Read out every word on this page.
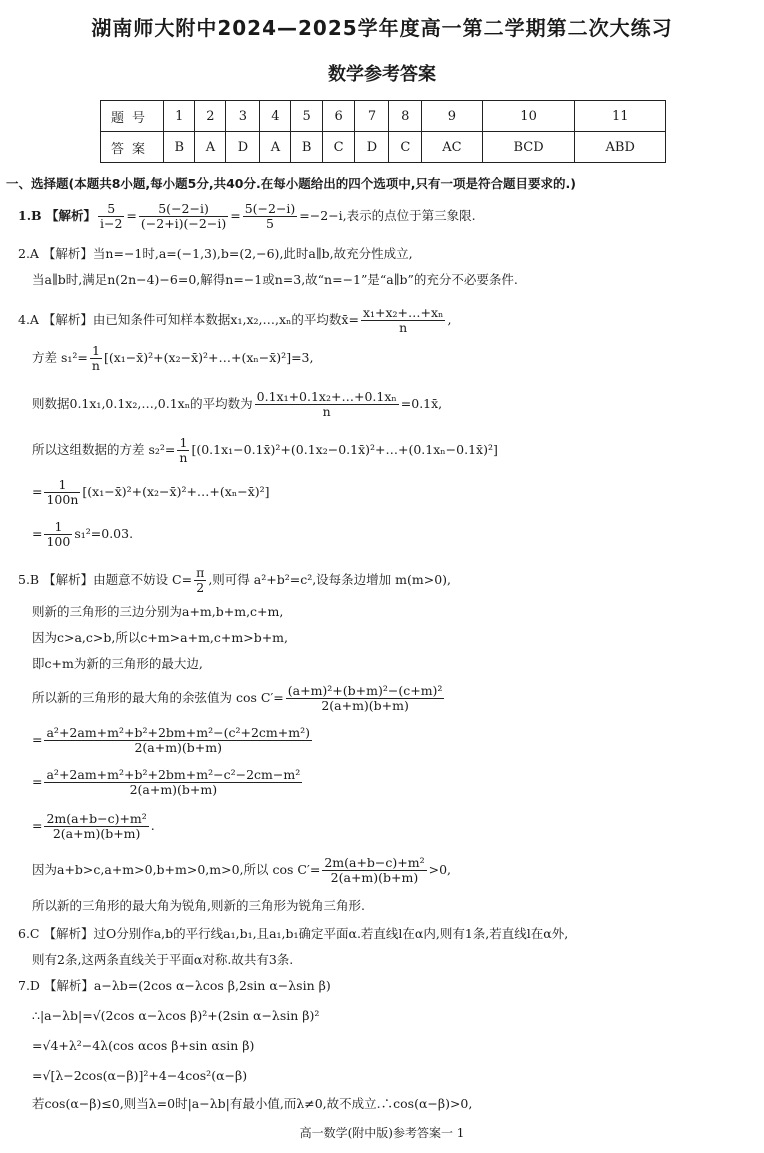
湖南师大附中2024—2025学年度高一第二学期第二次大练习
数学参考答案
题号	1	2	3	4	5	6	7	8	9	10	11
答案	B	A	D	A	B	C	D	C	AC	BCD	ABD
一、选择题(本题共8小题,每小题5分,共40分.在每小题给出的四个选项中,只有一项是符合题目要求的.)
1.B 【解析】 $\frac{5}{i-2} = \frac{5(-2-i)}{(-2+i)(-2-i)} = \frac{5(-2-i)}{5} =-2-i$,表示的点位于第三象限.
2.A 【解析】当n=−1时,a=(−1,3),b=(2,−6),此时a∥b,故充分性成立,
当a∥b时,满足n(2n−4)−6=0,解得n=−1或n=3,故“n=−1”是“a∥b”的充分不必要条件.
4.A 【解析】由已知条件可知样本数据x₁,x₂,…,xₙ的平均数x̄= $\frac{\text{x₁+x₂+…+xₙ}}{n}$ ,
方差 $s_1^2= \frac{1}{n}$ [(x₁−x̄)²+(x₂−x̄)²+…+(xₙ−x̄)²]=3,
则数据0.1x₁,0.1x₂,…,0.1xₙ的平均数为 $\frac{\text{0.1x₁+0.1x₂+…+0.1xₙ}}{n}$ =0.1x̄,
所以这组数据的方差 $s_2^2= \frac{1}{n}$ [(0.1x₁−0.1x̄)²+(0.1x₂−0.1x̄)²+…+(0.1xₙ−0.1x̄)²]
= $\frac{1}{100n}$ [(x₁−x̄)²+(x₂−x̄)²+…+(xₙ−x̄)²]
= $\frac{1}{100} s_1^2=0.03$.
5.B 【解析】由题意不妨设 $C= \frac{\pi}{2}$ ,则可得 a²+b²=c²,设每条边增加 m(m>0),
则新的三角形的三边分别为a+m,b+m,c+m,
因为c>a,c>b,所以c+m>a+m,c+m>b+m,
即c+m为新的三角形的最大边,
所以新的三角形的最大角的余弦值为 $\cos C'= \frac{\text{(a+m)²+(b+m)²−(c+m)²}}{2(a+m)(b+m)}$
= $\frac{\text{a²+2am+m²+b²+2bm+m²−(c²+2cm+m²)}}{2(a+m)(b+m)}$
= $\frac{\text{a²+2am+m²+b²+2bm+m²−c²−2cm−m²}}{2(a+m)(b+m)}$
= $\frac{\text{2m(a+b−c)+m²}}{2(a+m)(b+m)}$ .
因为a+b>c,a+m>0,b+m>0,m>0,所以 $\cos C'= \frac{\text{2m(a+b−c)+m²}}{2(a+m)(b+m)} >0$,
所以新的三角形的最大角为锐角,则新的三角形为锐角三角形.
6.C 【解析】过O分别作a,b的平行线a₁,b₁,且a₁,b₁确定平面α.若直线l在α内,则有1条,若直线l在α外,
则有2条,这两条直线关于平面α对称.故共有3条.
7.D 【解析】a−λb=(2cos α−λcos β,2sin α−λsin β)
∴|a−λb|=√(2cos α−λcos β)²+(2sin α−λsin β)²
=√4+λ²−4λ(cos αcos β+sin αsin β)
=√[λ−2cos(α−β)]²+4−4cos²(α−β)
若cos(α−β)≤0,则当λ=0时|a−λb|有最小值,而λ≠0,故不成立.∴cos(α−β)>0,
高一数学(附中版)参考答案一 1
